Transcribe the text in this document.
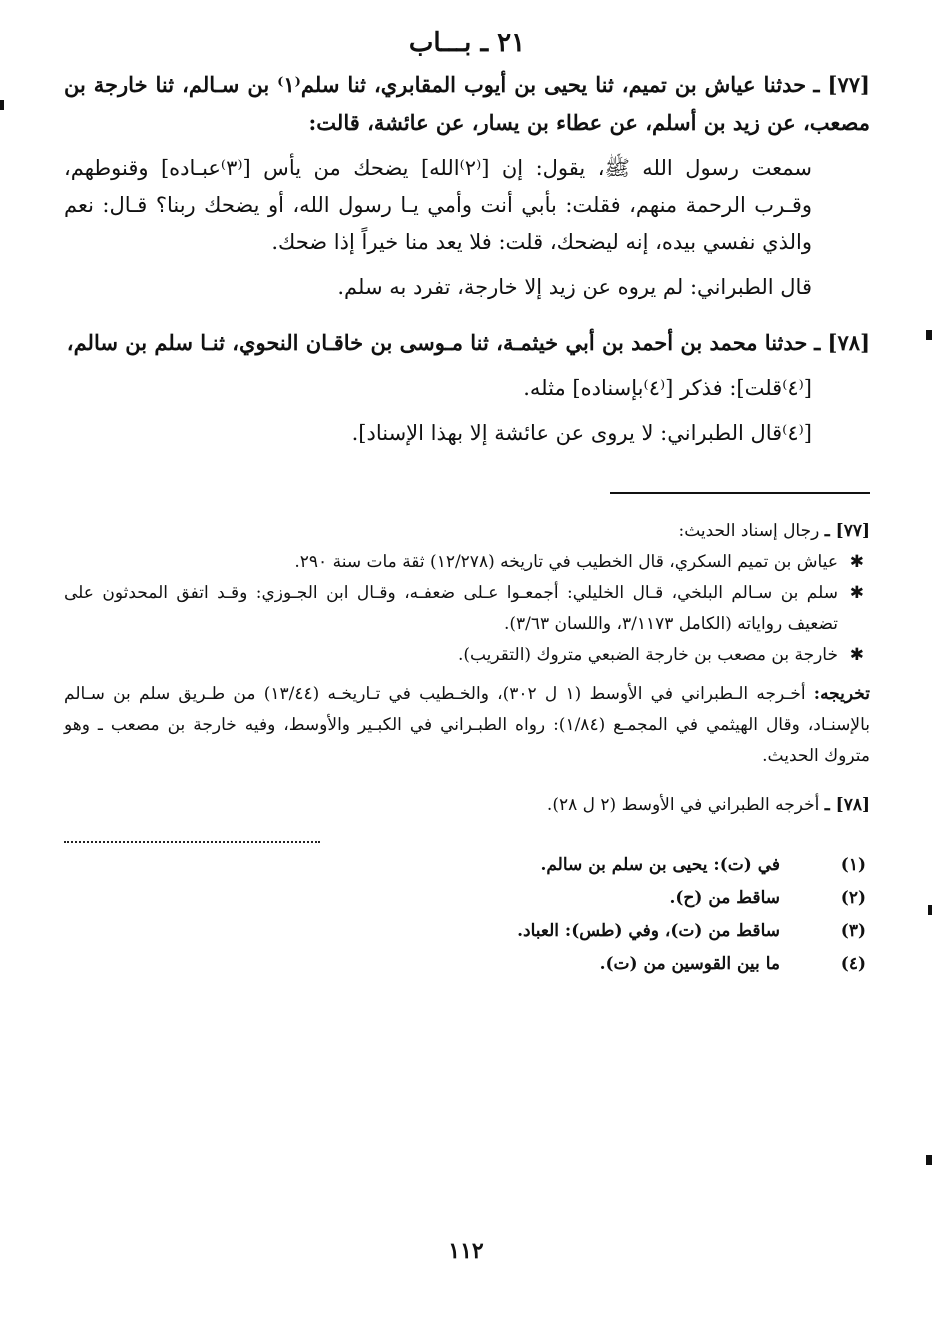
٢١ ـ بـــاب

[٧٧] ـ حدثنا عياش بن تميم، ثنا يحيى بن أيوب المقابري، ثنا سلم⁽١⁾ بن سـالم، ثنا خارجة بن مصعب، عن زيد بن أسلم، عن عطاء بن يسار، عن عائشة، قالت:

سمعت رسول الله ﷺ، يقول: إن [⁽٢⁾الله] يضحك من يأس [⁽٣⁾عبـاده] وقنوطهم، وقـرب الرحمة منهم، فقلت: بأبي أنت وأمي يـا رسول الله، أو يضحك ربنا؟ قـال: نعم والذي نفسي بيده، إنه ليضحك، قلت: فلا يعد منا خيراً إذا ضحك.

قال الطبراني: لم يروه عن زيد إلا خارجة، تفرد به سلم.

[٧٨] ـ حدثنا محمد بن أحمد بن أبي خيثمـة، ثنا مـوسى بن خاقـان النحوي، ثنـا سلم بن سالم،

[⁽٤⁾قلت]: فذكر [⁽٤⁾بإسناده] مثله.

[⁽٤⁾قال الطبراني: لا يروى عن عائشة إلا بهذا الإسناد].

[٧٧] ـ رجال إسناد الحديث:

✱
عياش بن تميم السكري، قال الخطيب في تاريخه (١٢/٢٧٨) ثقة مات سنة ٢٩٠.

✱
سلم بن سـالم البلخي، قـال الخليلي: أجمعـوا عـلى ضعفـه، وقـال ابن الجـوزي: وقـد اتفق المحدثون على تضعيف رواياته (الكامل ٣/١١٧٣، واللسان ٣/٦٣).

✱
خارجة بن مصعب بن خارجة الضبعي متروك (التقريب).

تخريجه: أخـرجه الـطبراني في الأوسط (١ ل ٣٠٢)، والخـطيب في تـاريخـه (١٣/٤٤) من طـريق سلم بن سـالم بالإسنـاد، وقال الهيثمي في المجمـع (١/٨٤): رواه الطبـراني في الكبـير والأوسط، وفيه خارجة بن مصعب ـ وهو متروك الحديث.

[٧٨] ـ أخرجه الطبراني في الأوسط (٢ ل ٢٨).

(١)
في (ت): يحيى بن سلم بن سالم.
(٢)
ساقط من (ح).
(٣)
ساقط من (ت)، وفي (طس): العباد.
(٤)
ما بين القوسين من (ت).
١١٢
